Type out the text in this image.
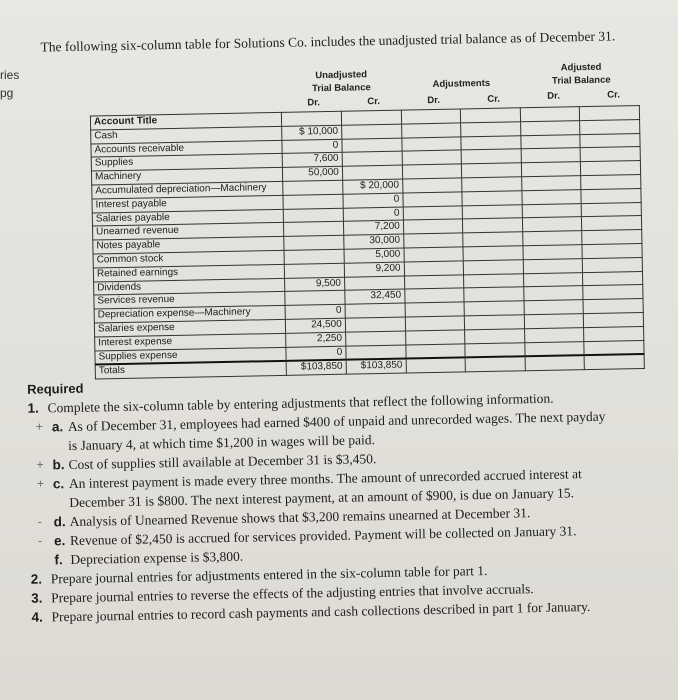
ries
pg
The following six-column table for Solutions Co. includes the unadjusted trial balance as of December 31.
Unadjusted
Trial Balance	Adjustments
Adjusted
Trial Balance
Dr.	Cr.	Dr.	Cr.	Dr.	Cr.
Account Title						
Cash	$ 10,000					
Accounts receivable	0					
Supplies	7,600					
Machinery	50,000					
Accumulated depreciation—Machinery		$ 20,000				
Interest payable		0				
Salaries payable		0				
Unearned revenue		7,200				
Notes payable		30,000				
Common stock		5,000				
Retained earnings		9,200				
Dividends	9,500					
Services revenue		32,450				
Depreciation expense—Machinery	0					
Salaries expense	24,500					
Interest expense	2,250					
Supplies expense	0					
Totals	$103,850	$103,850				
Required
1. Complete the six-column table by entering adjustments that reflect the following information.
+ a. As of December 31, employees had earned $400 of unpaid and unrecorded wages. The next payday
is January 4, at which time $1,200 in wages will be paid.
+ b. Cost of supplies still available at December 31 is $3,450.
+ c. An interest payment is made every three months. The amount of unrecorded accrued interest at
December 31 is $800. The next interest payment, at an amount of $900, is due on January 15.
- d. Analysis of Unearned Revenue shows that $3,200 remains unearned at December 31.
- e. Revenue of $2,450 is accrued for services provided. Payment will be collected on January 31.
f. Depreciation expense is $3,800.
2. Prepare journal entries for adjustments entered in the six-column table for part 1.
3. Prepare journal entries to reverse the effects of the adjusting entries that involve accruals.
4. Prepare journal entries to record cash payments and cash collections described in part 1 for January.
